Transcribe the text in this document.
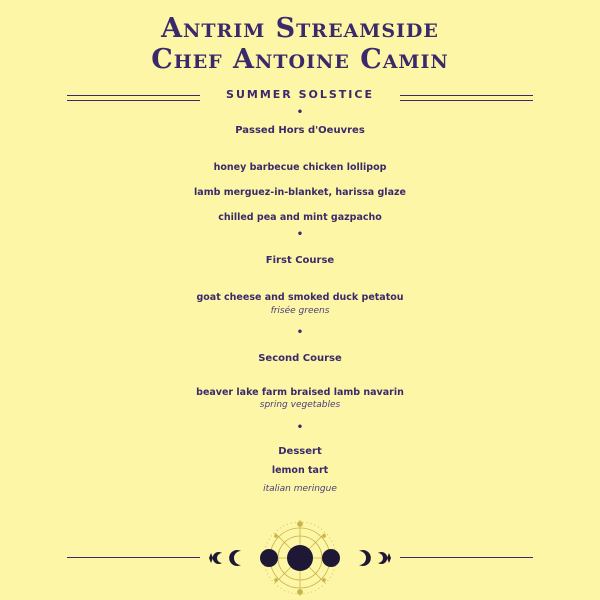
Antrim Streamside
Chef Antoine Camin
SUMMER SOLSTICE
•
Passed Hors d'Oeuvres
honey barbecue chicken lollipop
lamb merguez-in-blanket, harissa glaze
chilled pea and mint gazpacho
•
First Course
goat cheese and smoked duck petatou
frisée greens
•
Second Course
beaver lake farm braised lamb navarin
spring vegetables
•
Dessert
lemon tart
italian meringue
